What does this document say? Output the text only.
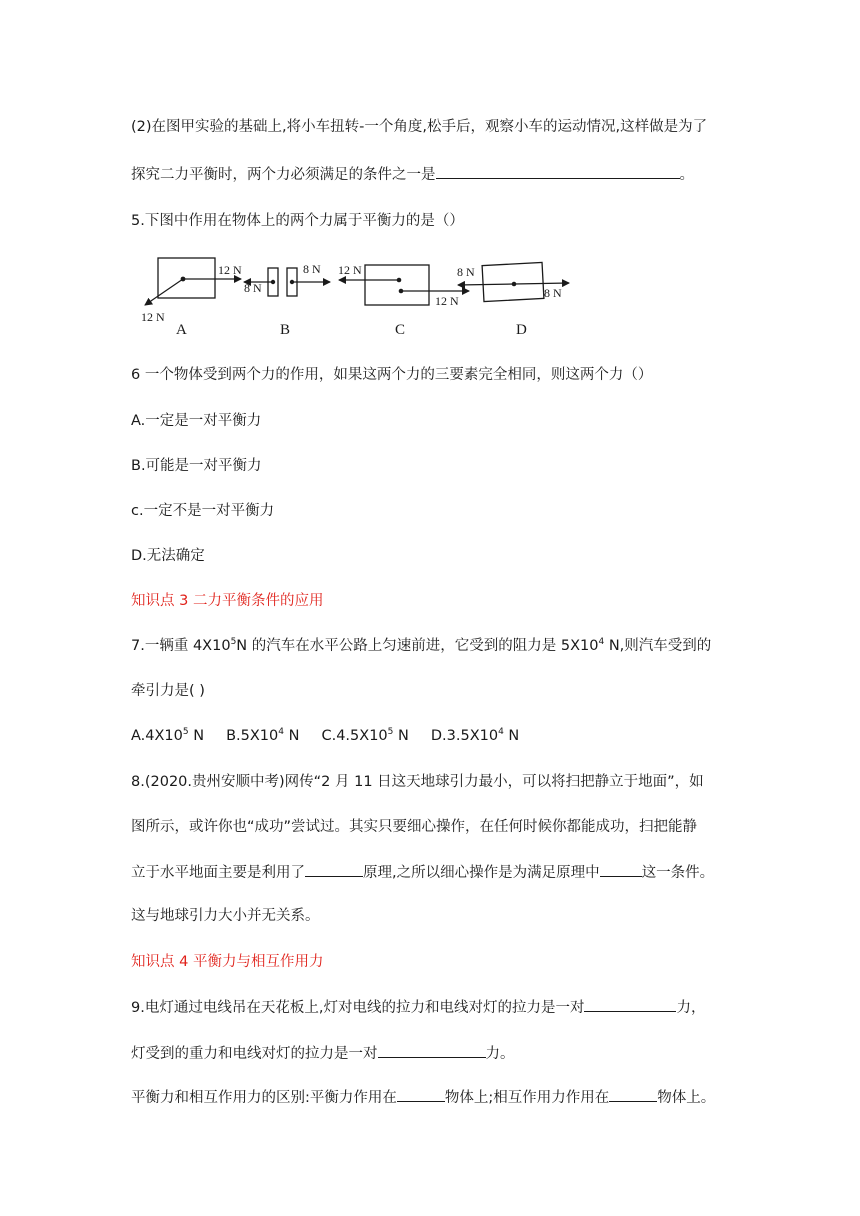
(2)在图甲实验的基础上,将小车扭转-一个角度,松手后，观察小车的运动情况,这样做是为了
探究二力平衡时，两个力必须满足的条件之一是	。
5.下图中作用在物体上的两个力属于平衡力的是（）
12 N
12 N
A
8 N
8 N
B
12 N
12 N
C
8 N
8 N
D
6 一个物体受到两个力的作用，如果这两个力的三要素完全相同，则这两个力（）
A.一定是一对平衡力
B.可能是一对平衡力
c.一定不是一对平衡力
D.无法确定
知识点 3 二力平衡条件的应用
7.一辆重 $4X10^5N$ 的汽车在水平公路上匀速前进，它受到的阻力是 $5X10^4$ N,则汽车受到的
牵引力是( )
$A.4X10^5$ N $B.5X10^4$ N $C.4.5X10^5$ N $D.3.5X10^4$ N
8.(2020.贵州安顺中考)网传“2 月 11 日这天地球引力最小，可以将扫把静立于地面”，如
图所示，或许你也“成功”尝试过。其实只要细心操作，在任何时候你都能成功，扫把能静
立于水平地面主要是利用了	原理,之所以细心操作是为满足原理中	这一条件。
这与地球引力大小并无关系。
知识点 4 平衡力与相互作用力
9.电灯通过电线吊在天花板上,灯对电线的拉力和电线对灯的拉力是一对	力，
灯受到的重力和电线对灯的拉力是一对	力。
平衡力和相互作用力的区别:平衡力作用在	物体上;相互作用力作用在	物体上。
